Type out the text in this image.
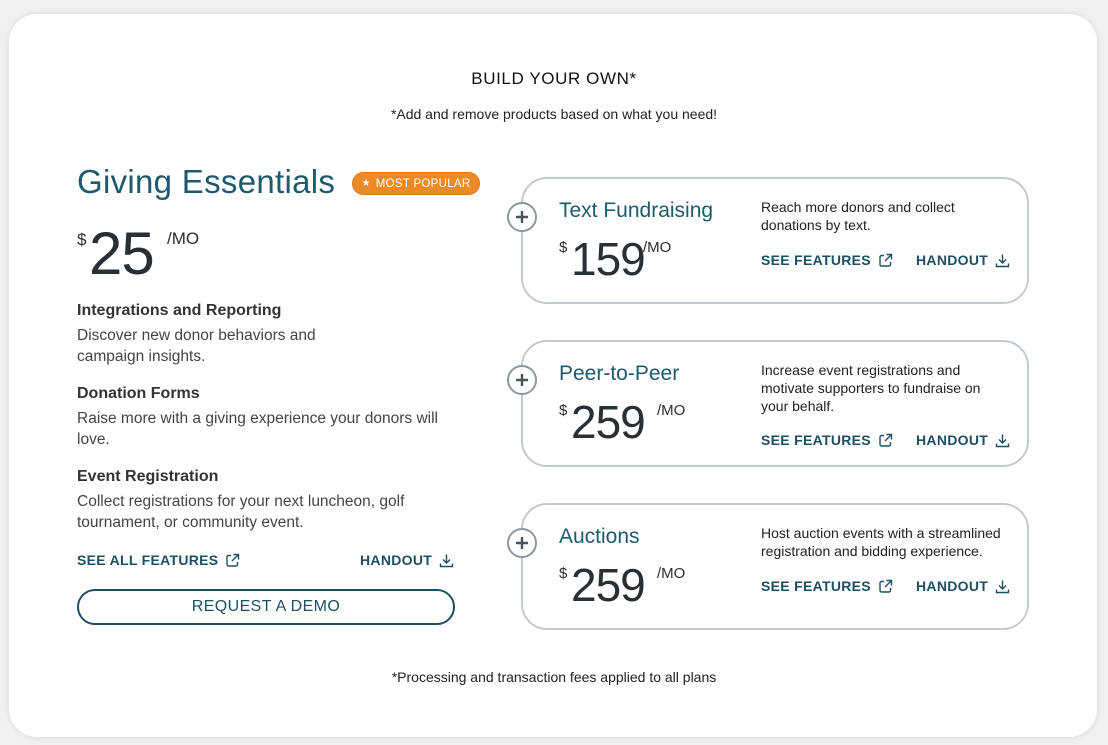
BUILD YOUR OWN*
*Add and remove products based on what you need!
Giving Essentials	★ MOST POPULAR
$ 25 /MO
Integrations and Reporting
Discover new donor behaviors and campaign insights.
Donation Forms
Raise more with a giving experience your donors will love.
Event Registration
Collect registrations for your next luncheon, golf tournament, or community event.
SEE ALL FEATURES	HANDOUT
REQUEST A DEMO
Text Fundraising
$ 159
/MO
Reach more donors and collect donations by text.
SEE FEATURES	HANDOUT
Peer-to-Peer
$ 259 /MO
Increase event registrations and motivate supporters to fundraise on your behalf.
SEE FEATURES	HANDOUT
Auctions
$ 259 /MO
Host auction events with a streamlined registration and bidding experience.
SEE FEATURES	HANDOUT
*Processing and transaction fees applied to all plans
